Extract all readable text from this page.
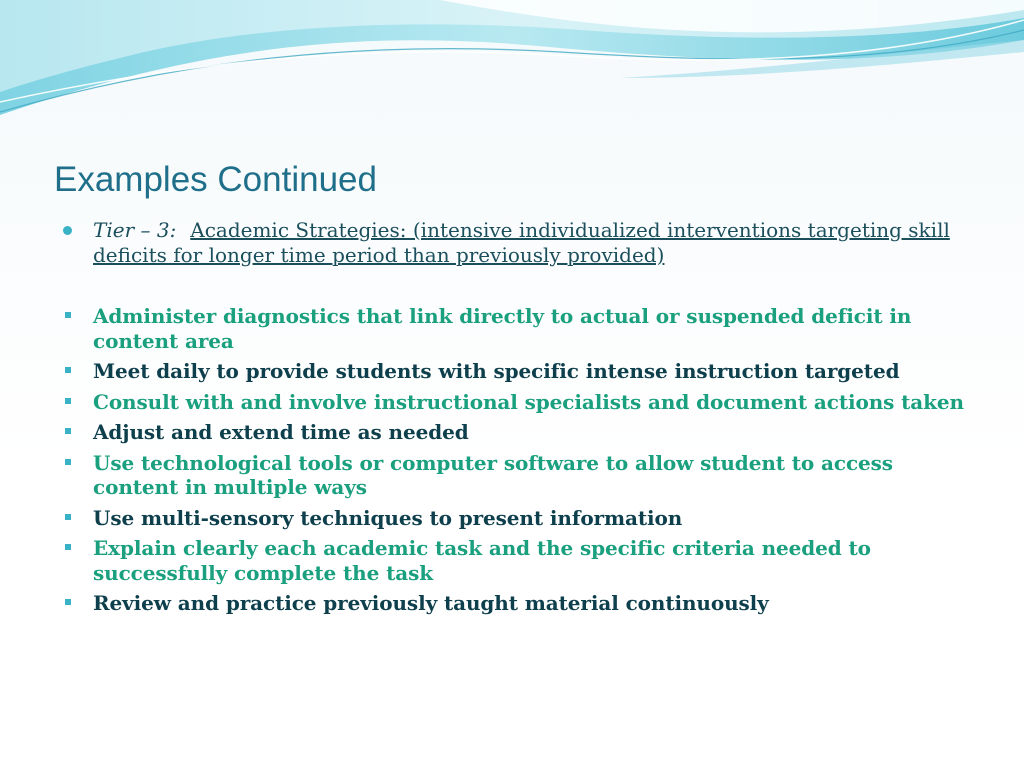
Examples Continued
Tier – 3: Academic Strategies: (intensive individualized interventions targeting skill deficits for longer time period than previously provided)
Administer diagnostics that link directly to actual or suspended deficit in content area
Meet daily to provide students with specific intense instruction targeted
Consult with and involve instructional specialists and document actions taken
Adjust and extend time as needed
Use technological tools or computer software to allow student to access content in multiple ways
Use multi-sensory techniques to present information
Explain clearly each academic task and the specific criteria needed to successfully complete the task
Review and practice previously taught material continuously
